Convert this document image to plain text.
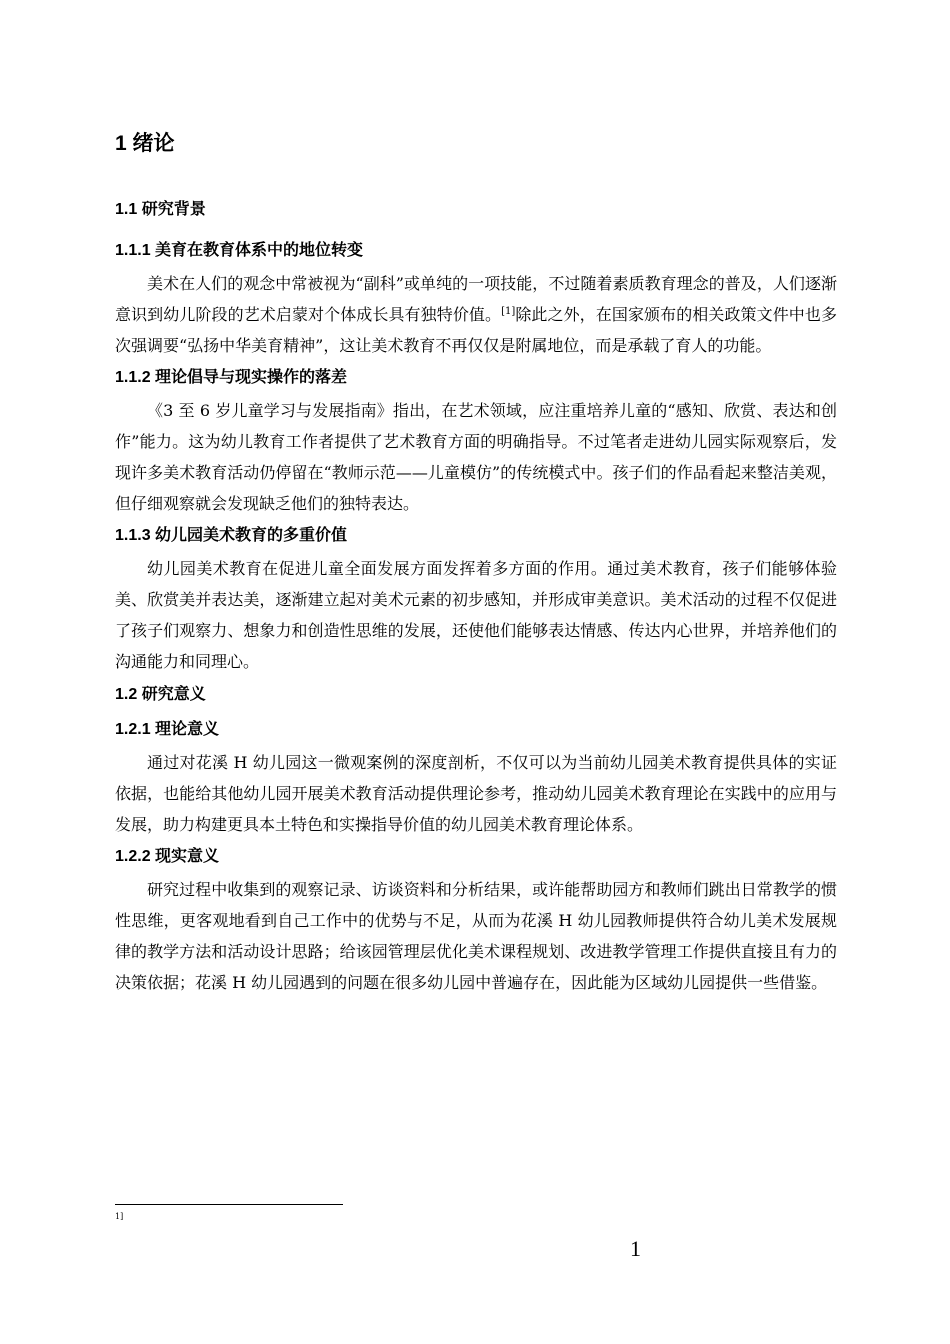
1 绪论
1.1 研究背景
1.1.1 美育在教育体系中的地位转变

美术在人们的观念中常被视为“副科”或单纯的一项技能，不过随着素质教育理念的普及，人们逐渐意识到幼儿阶段的艺术启蒙对个体成长具有独特价值。[1]除此之外，在国家颁布的相关政策文件中也多次强调要“弘扬中华美育精神”，这让美术教育不再仅仅是附属地位，而是承载了育人的功能。

1.1.2 理论倡导与现实操作的落差

《3 至 6 岁儿童学习与发展指南》指出，在艺术领域，应注重培养儿童的“感知、欣赏、表达和创作”能力。这为幼儿教育工作者提供了艺术教育方面的明确指导。不过笔者走进幼儿园实际观察后，发现许多美术教育活动仍停留在“教师示范——儿童模仿”的传统模式中。孩子们的作品看起来整洁美观，但仔细观察就会发现缺乏他们的独特表达。

1.1.3 幼儿园美术教育的多重价值

幼儿园美术教育在促进儿童全面发展方面发挥着多方面的作用。通过美术教育，孩子们能够体验美、欣赏美并表达美，逐渐建立起对美术元素的初步感知，并形成审美意识。美术活动的过程不仅促进了孩子们观察力、想象力和创造性思维的发展，还使他们能够表达情感、传达内心世界，并培养他们的沟通能力和同理心。

1.2 研究意义
1.2.1 理论意义

通过对花溪 H 幼儿园这一微观案例的深度剖析，不仅可以为当前幼儿园美术教育提供具体的实证依据，也能给其他幼儿园开展美术教育活动提供理论参考，推动幼儿园美术教育理论在实践中的应用与发展，助力构建更具本土特色和实操指导价值的幼儿园美术教育理论体系。

1.2.2 现实意义

研究过程中收集到的观察记录、访谈资料和分析结果，或许能帮助园方和教师们跳出日常教学的惯性思维，更客观地看到自己工作中的优势与不足，从而为花溪 H 幼儿园教师提供符合幼儿美术发展规律的教学方法和活动设计思路；给该园管理层优化美术课程规划、改进教学管理工作提供直接且有力的决策依据；花溪 H 幼儿园遇到的问题在很多幼儿园中普遍存在，因此能为区域幼儿园提供一些借鉴。

1]
1
